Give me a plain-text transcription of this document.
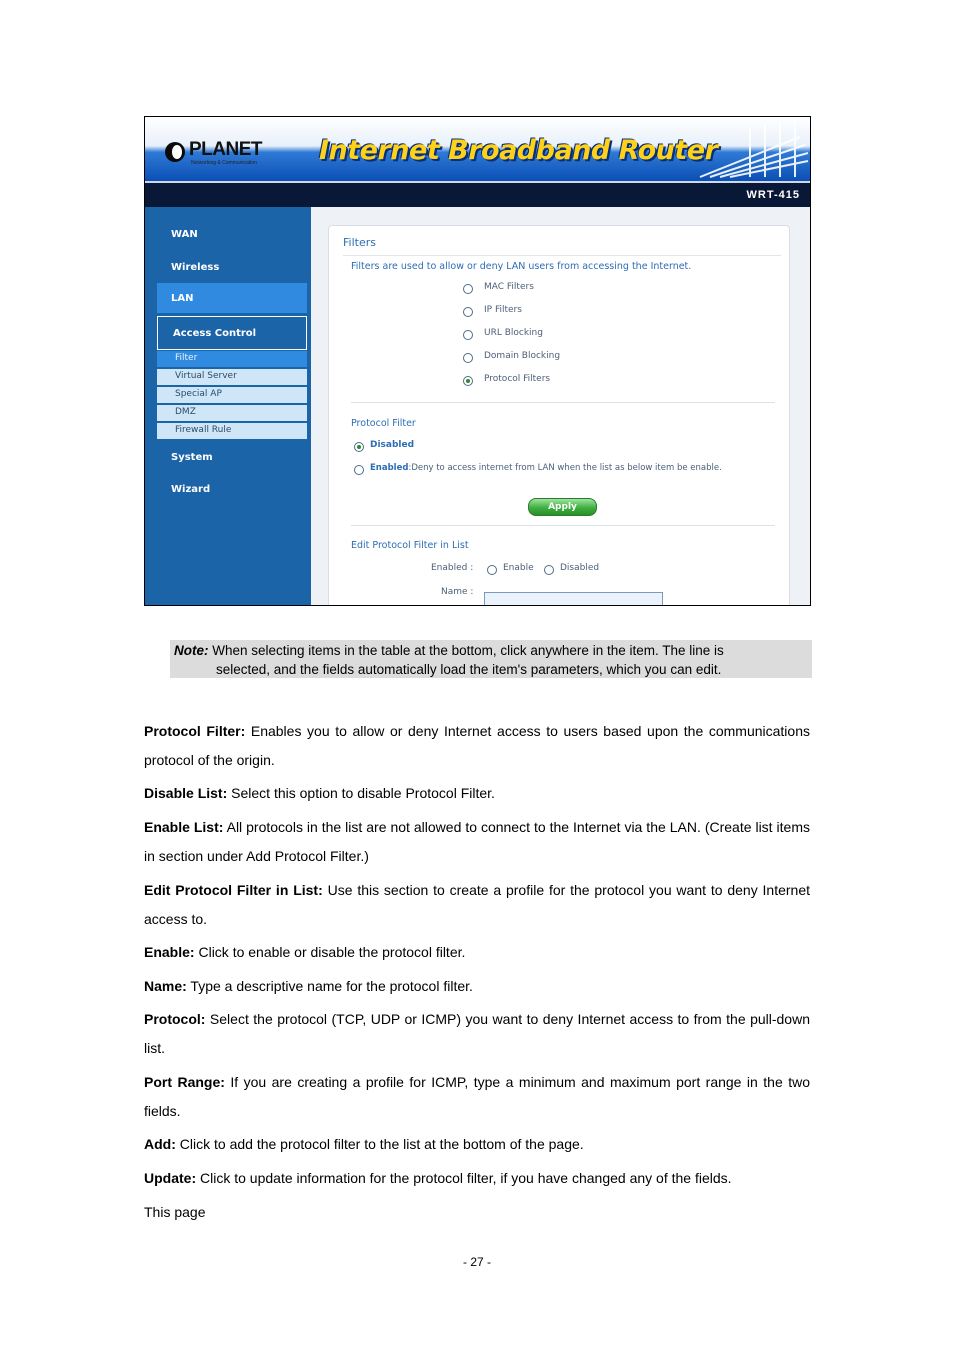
PLANET
Networking & Communication Internet Broadband Router
WRT-415
WAN
Wireless
LAN
Access Control
Filter
Virtual Server
Special AP
DMZ
Firewall Rule
System
Wizard
Filters
Filters are used to allow or deny LAN users from accessing the Internet.
MAC Filters
IP Filters
URL Blocking
Domain Blocking
Protocol Filters
Protocol Filter
Disabled
Enabled:Deny to access internet from LAN when the list as below item be enable.
Apply
Edit Protocol Filter in List
Enabled :	Enable	Disabled
Name :
Note: When selecting items in the table at the bottom, click anywhere in the item. The line is
selected, and the fields automatically load the item's parameters, which you can edit.
Protocol Filter: Enables you to allow or deny Internet access to users based upon the communications protocol of the origin.
Disable List: Select this option to disable Protocol Filter.
Enable List: All protocols in the list are not allowed to connect to the Internet via the LAN. (Create list items in section under Add Protocol Filter.)
Edit Protocol Filter in List: Use this section to create a profile for the protocol you want to deny Internet access to.
Enable: Click to enable or disable the protocol filter.
Name: Type a descriptive name for the protocol filter.
Protocol: Select the protocol (TCP, UDP or ICMP) you want to deny Internet access to from the pull-down list.
Port Range: If you are creating a profile for ICMP, type a minimum and maximum port range in the two fields.
Add: Click to add the protocol filter to the list at the bottom of the page.
Update: Click to update information for the protocol filter, if you have changed any of the fields.
This page
- 27 -
